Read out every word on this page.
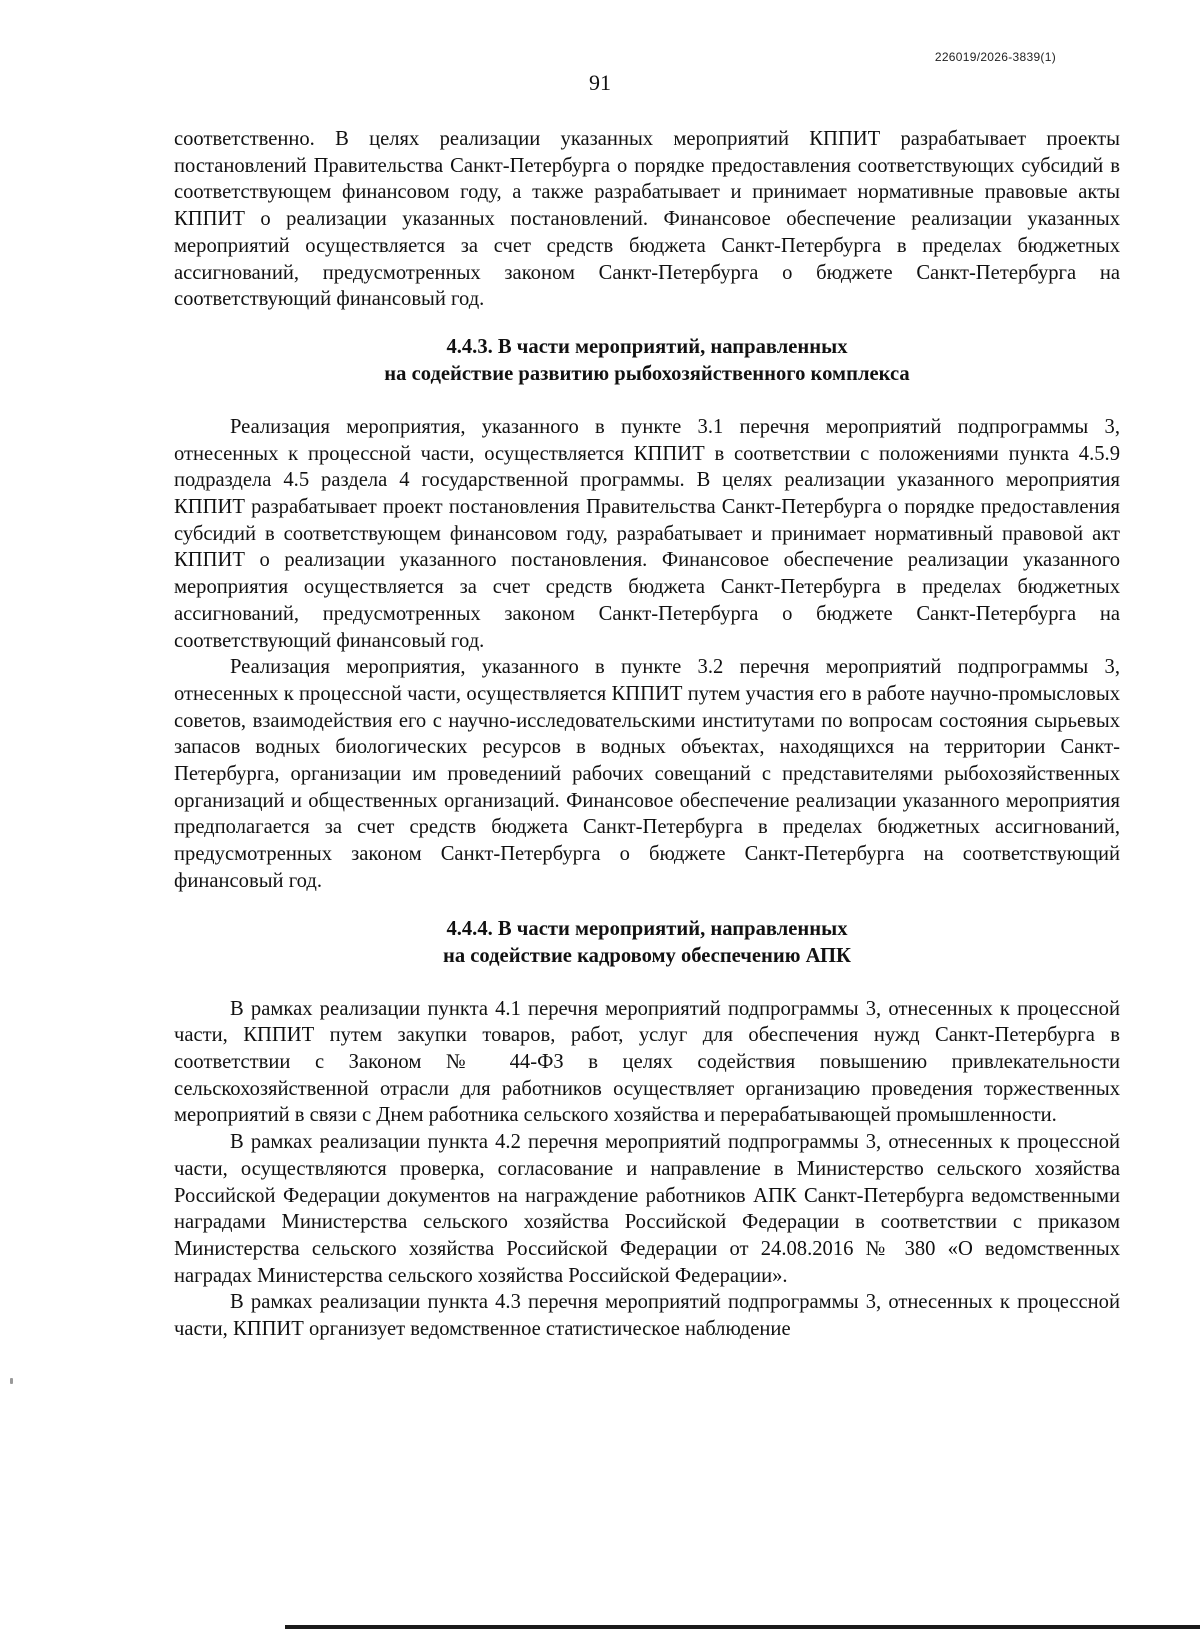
226019/2026-3839(1)
91

соответственно. В целях реализации указанных мероприятий КППИТ разрабатывает проекты постановлений Правительства Санкт-Петербурга о порядке предоставления соответствующих субсидий в соответствующем финансовом году, а также разрабатывает и принимает нормативные правовые акты КППИТ о реализации указанных постановлений. Финансовое обеспечение реализации указанных мероприятий осуществляется за счет средств бюджета Санкт-Петербурга в пределах бюджетных ассигнований, предусмотренных законом Санкт-Петербурга о бюджете Санкт-Петербурга на соответствующий финансовый год.

4.4.3. В части мероприятий, направленных
на содействие развитию рыбохозяйственного комплекса

Реализация мероприятия, указанного в пункте 3.1 перечня мероприятий подпрограммы 3, отнесенных к процессной части, осуществляется КППИТ в соответствии с положениями пункта 4.5.9 подраздела 4.5 раздела 4 государственной программы. В целях реализации указанного мероприятия КППИТ разрабатывает проект постановления Правительства Санкт-Петербурга о порядке предоставления субсидий в соответствующем финансовом году, разрабатывает и принимает нормативный правовой акт КППИТ о реализации указанного постановления. Финансовое обеспечение реализации указанного мероприятия осуществляется за счет средств бюджета Санкт-Петербурга в пределах бюджетных ассигнований, предусмотренных законом Санкт-Петербурга о бюджете Санкт-Петербурга на соответствующий финансовый год.

Реализация мероприятия, указанного в пункте 3.2 перечня мероприятий подпрограммы 3, отнесенных к процессной части, осуществляется КППИТ путем участия его в работе научно-промысловых советов, взаимодействия его с научно-исследовательскими институтами по вопросам состояния сырьевых запасов водных биологических ресурсов в водных объектах, находящихся на территории Санкт-Петербурга, организации им проведениий рабочих совещаний с представителями рыбохозяйственных организаций и общественных организаций. Финансовое обеспечение реализации указанного мероприятия предполагается за счет средств бюджета Санкт-Петербурга в пределах бюджетных ассигнований, предусмотренных законом Санкт-Петербурга о бюджете Санкт-Петербурга на соответствующий финансовый год.

4.4.4. В части мероприятий, направленных
на содействие кадровому обеспечению АПК

В рамках реализации пункта 4.1 перечня мероприятий подпрограммы 3, отнесенных к процессной части, КППИТ путем закупки товаров, работ, услуг для обеспечения нужд Санкт-Петербурга в соответствии с Законом № 44-ФЗ в целях содействия повышению привлекательности сельскохозяйственной отрасли для работников осуществляет организацию проведения торжественных мероприятий в связи с Днем работника сельского хозяйства и перерабатывающей промышленности.

В рамках реализации пункта 4.2 перечня мероприятий подпрограммы 3, отнесенных к процессной части, осуществляются проверка, согласование и направление в Министерство сельского хозяйства Российской Федерации документов на награждение работников АПК Санкт-Петербурга ведомственными наградами Министерства сельского хозяйства Российской Федерации в соответствии с приказом Министерства сельского хозяйства Российской Федерации от 24.08.2016 № 380 «О ведомственных наградах Министерства сельского хозяйства Российской Федерации».

В рамках реализации пункта 4.3 перечня мероприятий подпрограммы 3, отнесенных к процессной части, КППИТ организует ведомственное статистическое наблюдение
